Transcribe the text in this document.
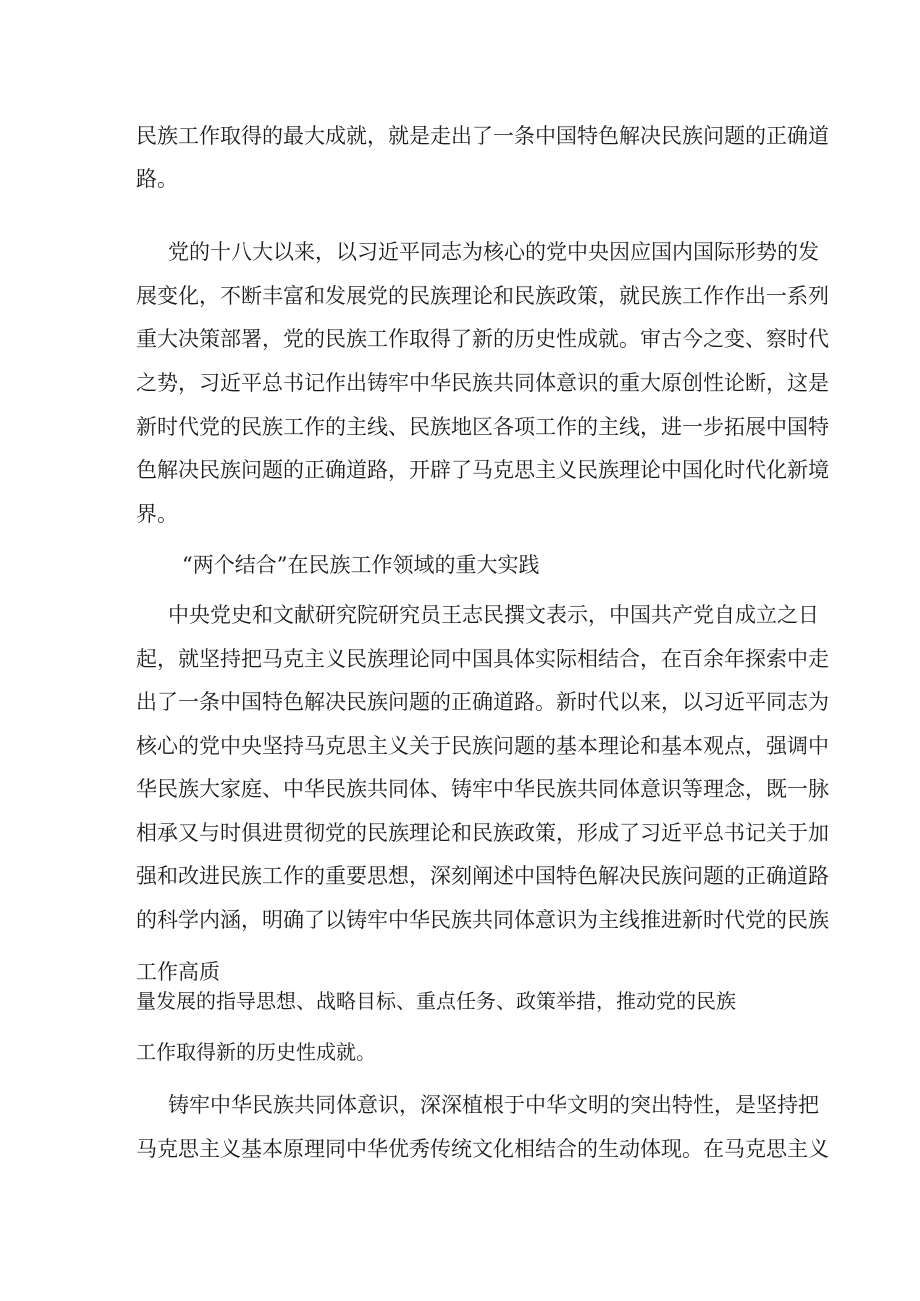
民族工作取得的最大成就，就是走出了一条中国特色解决民族问题的正确道
路。
党的十八大以来，以习近平同志为核心的党中央因应国内国际形势的发
展变化，不断丰富和发展党的民族理论和民族政策，就民族工作作出一系列
重大决策部署，党的民族工作取得了新的历史性成就。审古今之变、察时代
之势，习近平总书记作出铸牢中华民族共同体意识的重大原创性论断，这是
新时代党的民族工作的主线、民族地区各项工作的主线，进一步拓展中国特
色解决民族问题的正确道路，开辟了马克思主义民族理论中国化时代化新境
界。
“两个结合”在民族工作领域的重大实践
中央党史和文献研究院研究员王志民撰文表示，中国共产党自成立之日
起，就坚持把马克主义民族理论同中国具体实际相结合，在百余年探索中走
出了一条中国特色解决民族问题的正确道路。新时代以来，以习近平同志为
核心的党中央坚持马克思主义关于民族问题的基本理论和基本观点，强调中
华民族大家庭、中华民族共同体、铸牢中华民族共同体意识等理念，既一脉
相承又与时俱进贯彻党的民族理论和民族政策，形成了习近平总书记关于加
强和改进民族工作的重要思想，深刻阐述中国特色解决民族问题的正确道路
的科学内涵，明确了以铸牢中华民族共同体意识为主线推进新时代党的民族
工作高质
量发展的指导思想、战略目标、重点任务、政策举措，推动党的民族
工作取得新的历史性成就。
铸牢中华民族共同体意识，深深植根于中华文明的突出特性，是坚持把
马克思主义基本原理同中华优秀传统文化相结合的生动体现。在马克思主义
